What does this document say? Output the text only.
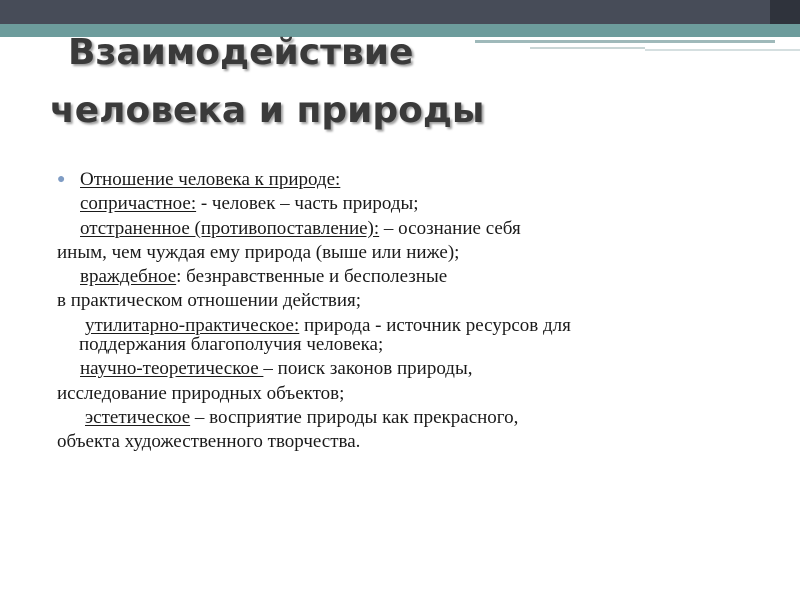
Взаимодействие
человека и природы
● Отношение человека к природе:
сопричастное: - человек – часть природы;
отстраненное (противопоставление): – осознание себя
иным, чем чуждая ему природа (выше или ниже);
враждебное: безнравственные и бесполезные
в практическом отношении действия;
утилитарно-практическое: природа - источник ресурсов для
поддержания благополучия человека;
научно-теоретическое – поиск законов природы,
исследование природных объектов;
эстетическое – восприятие природы как прекрасного,
объекта художественного творчества.
